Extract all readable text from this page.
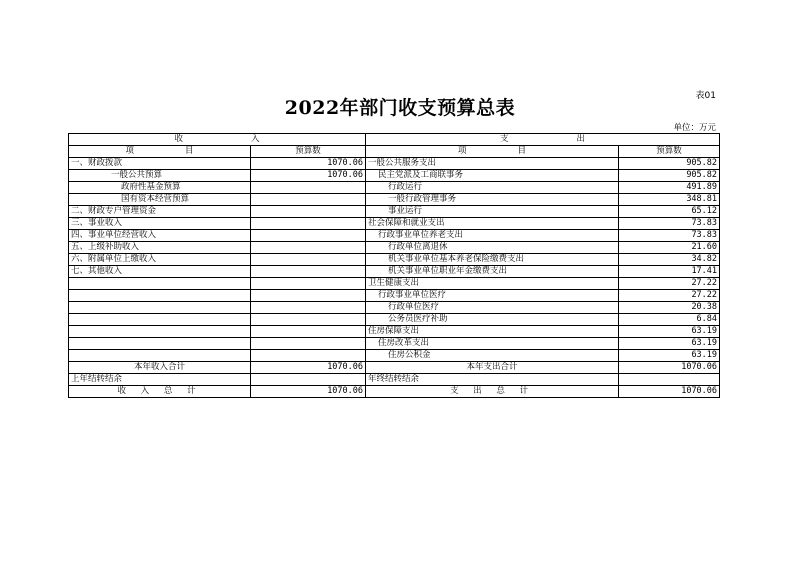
表01
2022年部门收支预算总表
单位：万元
收　　　　　　　　入		支　　　　　　　　出	
项　　　　　　目	预算数	项　　　　　　目	预算数
一、财政拨款	1070.06	一般公共服务支出	905.82
一般公共预算	1070.06	民主党派及工商联事务	905.82
政府性基金预算		行政运行	491.89
国有资本经营预算		一般行政管理事务	348.81
二、财政专户管理资金		事业运行	65.12
三、事业收入		社会保障和就业支出	73.83
四、事业单位经营收入		行政事业单位养老支出	73.83
五、上级补助收入		行政单位离退休	21.60
六、附属单位上缴收入		机关事业单位基本养老保险缴费支出	34.82
七、其他收入		机关事业单位职业年金缴费支出	17.41
		卫生健康支出	27.22
		行政事业单位医疗	27.22
		行政单位医疗	20.38
		公务员医疗补助	6.84
		住房保障支出	63.19
		住房改革支出	63.19
		住房公积金	63.19
本年收入合计	1070.06	本年支出合计	1070.06
上年结转结余		年终结转结余	
收 入 总 计	1070.06	支 出 总 计	1070.06
